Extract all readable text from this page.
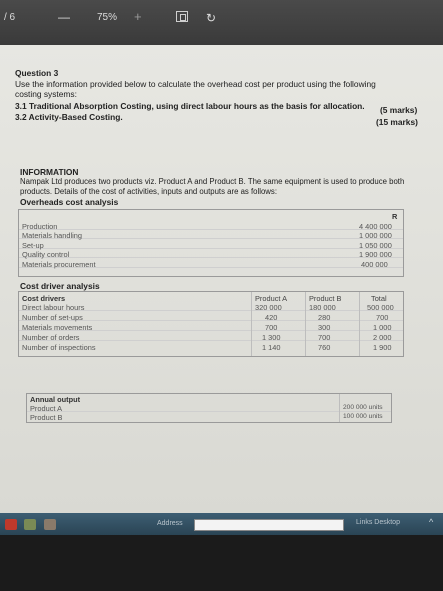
/ 6	—	75% +	↻
Question 3
Use the information provided below to calculate the overhead cost per product using the following
costing systems:
3.1 Traditional Absorption Costing, using direct labour hours as the basis for allocation. (5 marks)
3.2 Activity-Based Costing.	(15 marks)
INFORMATION
Nampak Ltd produces two products viz. Product A and Product B. The same equipment is used to produce both
products. Details of the cost of activities, inputs and outputs are as follows:
Overheads cost analysis
R
Production	4 400 000
Materials handling	1 000 000
Set-up	1 050 000
Quality control	1 900 000
Materials procurement	400 000
Cost driver analysis
Cost drivers	Product A	Product B	Total
Direct labour hours	320 000	180 000	500 000
Number of set-ups	420	280	700
Materials movements	700	300	1 000
Number of orders	1 300	700	2 000
Number of inspections	1 140	760	1 900
Annual output
Product A	200 000 units
Product B	100 000 units
Address	Links Desktop	^
